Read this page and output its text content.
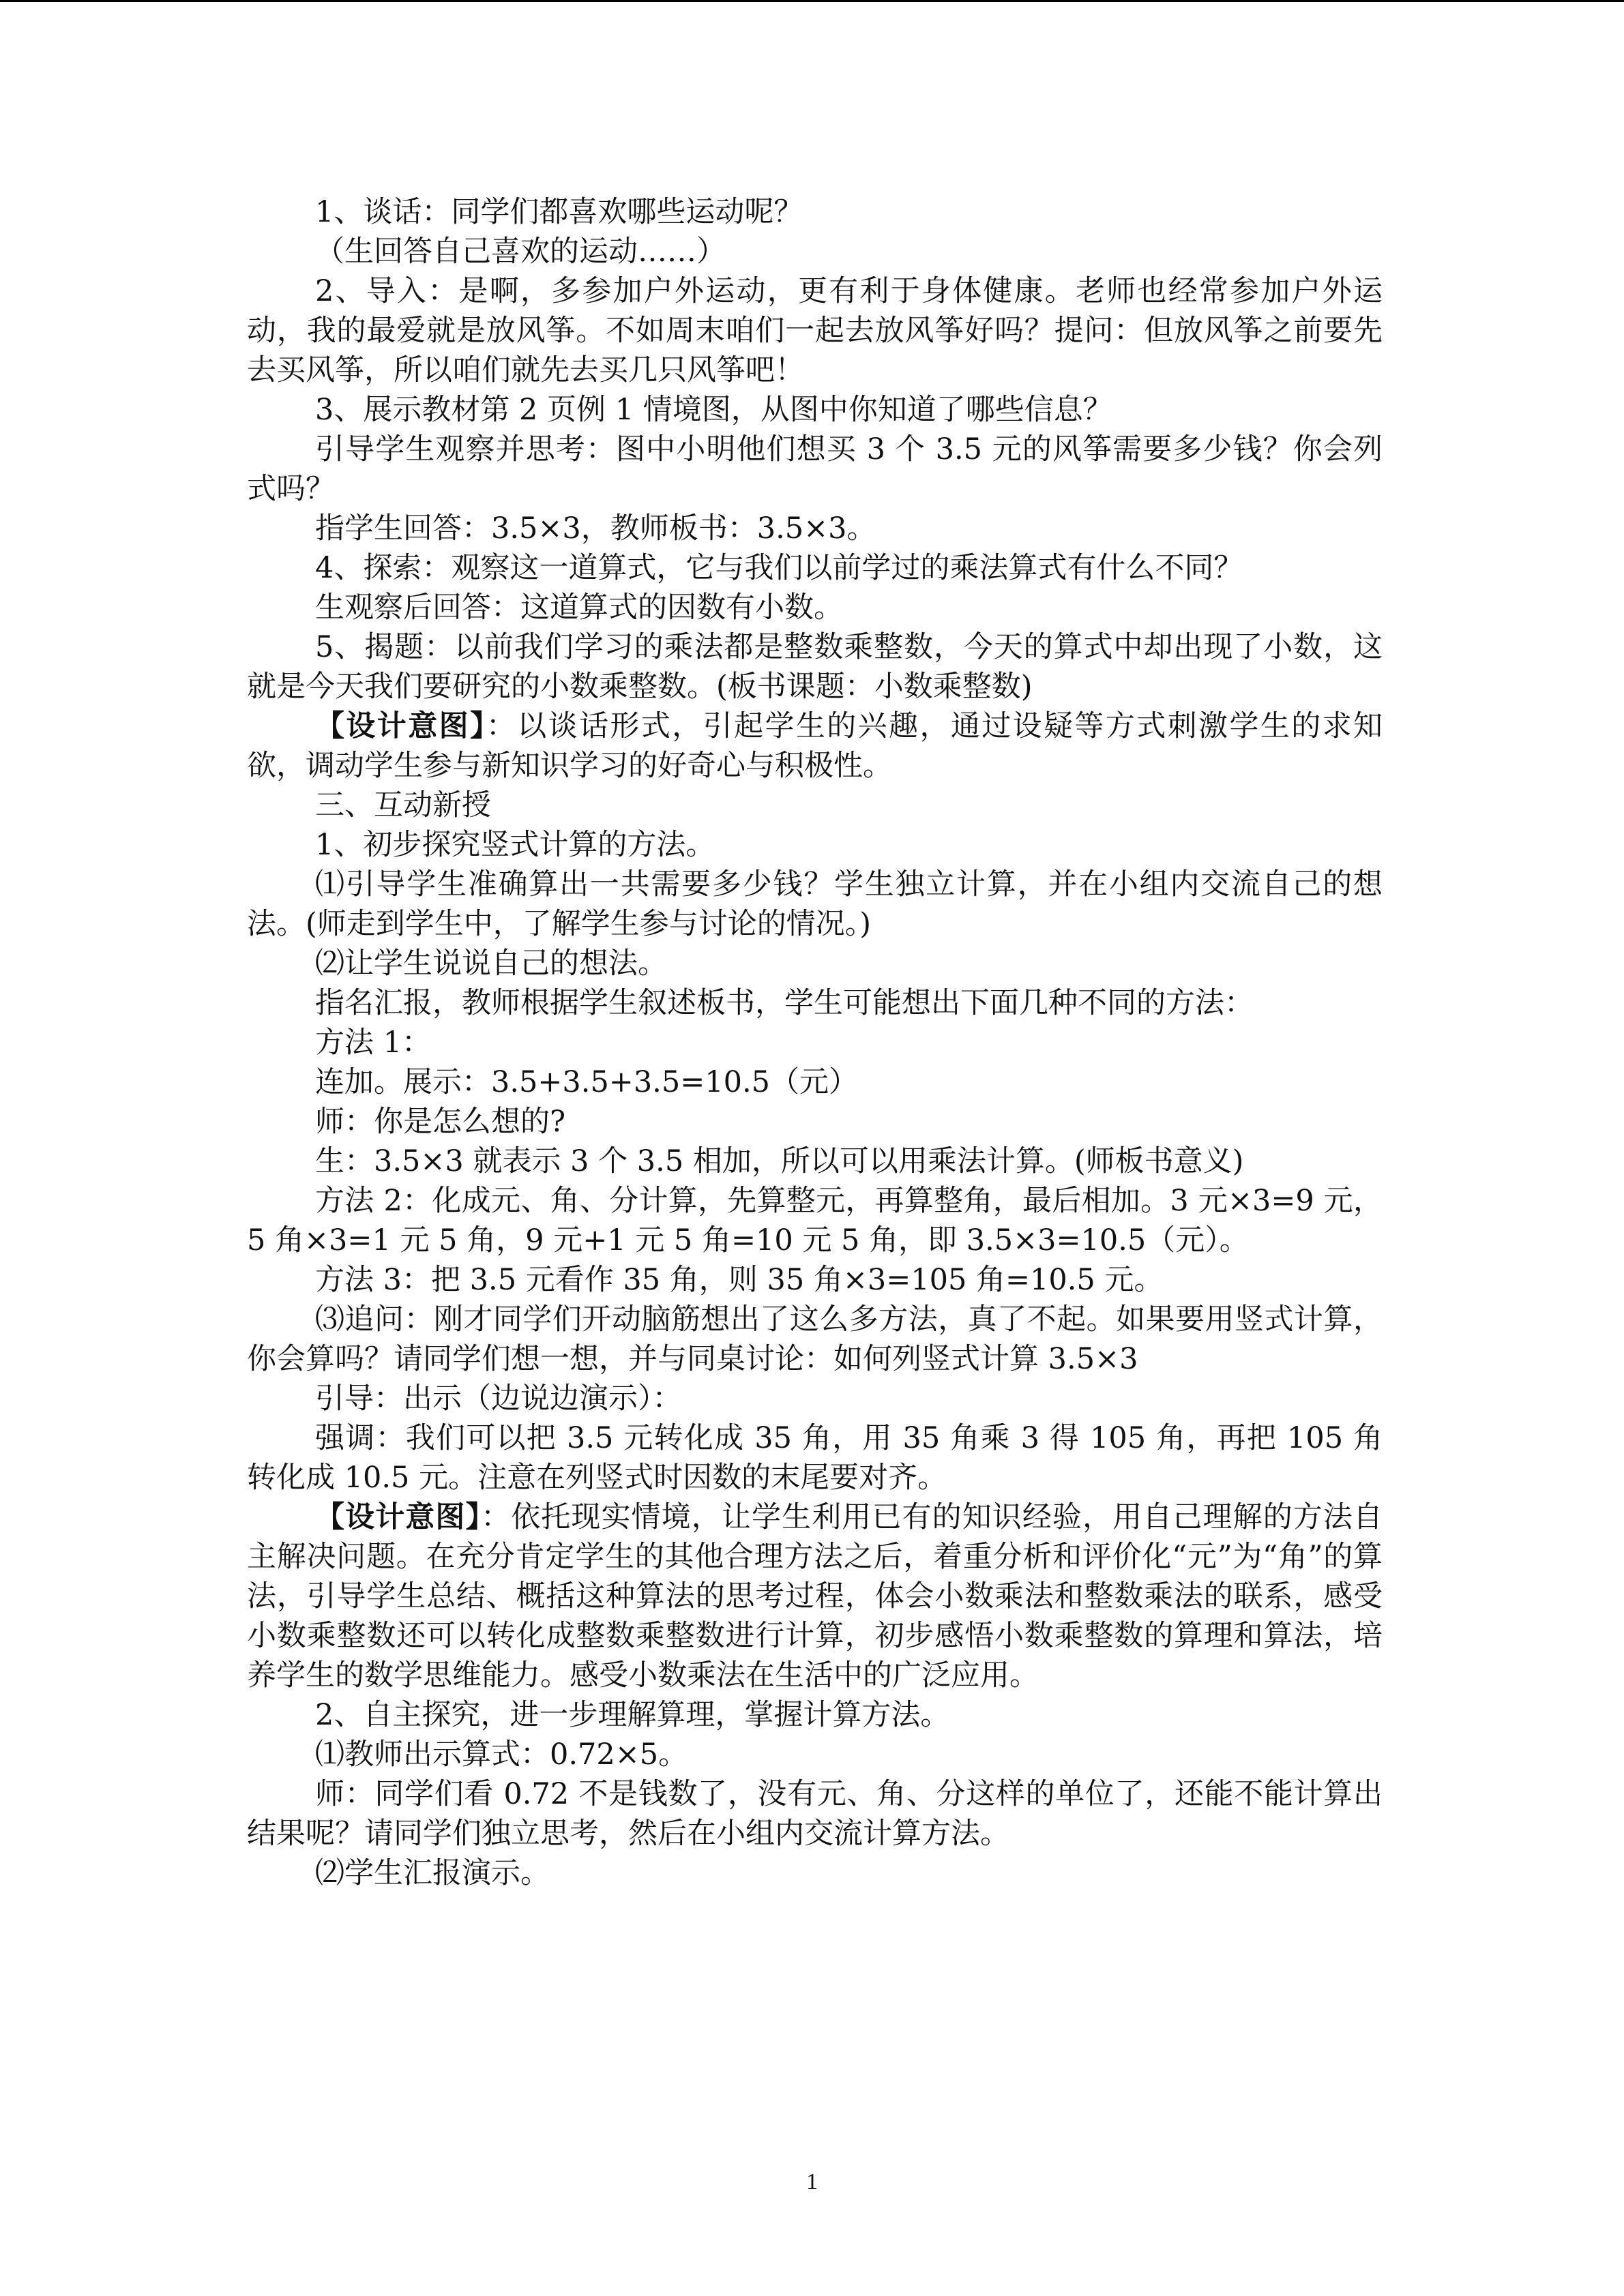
1、谈话：同学们都喜欢哪些运动呢？

（生回答自己喜欢的运动……）

2、导入：是啊，多参加户外运动，更有利于身体健康。老师也经常参加户外运动，我的最爱就是放风筝。不如周末咱们一起去放风筝好吗？提问：但放风筝之前要先去买风筝，所以咱们就先去买几只风筝吧！

3、展示教材第 2 页例 1 情境图，从图中你知道了哪些信息？

引导学生观察并思考：图中小明他们想买 3 个 3.5 元的风筝需要多少钱？你会列式吗？

指学生回答：3.5×3，教师板书：3.5×3。

4、探索：观察这一道算式，它与我们以前学过的乘法算式有什么不同？

生观察后回答：这道算式的因数有小数。

5、揭题：以前我们学习的乘法都是整数乘整数，今天的算式中却出现了小数，这就是今天我们要研究的小数乘整数。(板书课题：小数乘整数)

【设计意图】：以谈话形式，引起学生的兴趣，通过设疑等方式刺激学生的求知欲，调动学生参与新知识学习的好奇心与积极性。

三、互动新授

1、初步探究竖式计算的方法。

⑴引导学生准确算出一共需要多少钱？学生独立计算，并在小组内交流自己的想法。(师走到学生中，了解学生参与讨论的情况。)

⑵让学生说说自己的想法。

指名汇报，教师根据学生叙述板书，学生可能想出下面几种不同的方法：

方法 1：

连加。展示：3.5+3.5+3.5=10.5（元）

师：你是怎么想的?

生：3.5×3 就表示 3 个 3.5 相加，所以可以用乘法计算。(师板书意义)

方法 2：化成元、角、分计算，先算整元，再算整角，最后相加。3 元×3=9 元，5 角×3=1 元 5 角，9 元+1 元 5 角=10 元 5 角，即 3.5×3=10.5（元）。

方法 3：把 3.5 元看作 35 角，则 35 角×3=105 角=10.5 元。

⑶追问：刚才同学们开动脑筋想出了这么多方法，真了不起。如果要用竖式计算，你会算吗？请同学们想一想，并与同桌讨论：如何列竖式计算 3.5×3

引导：出示（边说边演示）：

强调：我们可以把 3.5 元转化成 35 角，用 35 角乘 3 得 105 角，再把 105 角转化成 10.5 元。注意在列竖式时因数的末尾要对齐。

【设计意图】：依托现实情境，让学生利用已有的知识经验，用自己理解的方法自主解决问题。在充分肯定学生的其他合理方法之后，着重分析和评价化“元”为“角”的算法，引导学生总结、概括这种算法的思考过程，体会小数乘法和整数乘法的联系，感受小数乘整数还可以转化成整数乘整数进行计算，初步感悟小数乘整数的算理和算法，培养学生的数学思维能力。感受小数乘法在生活中的广泛应用。

2、自主探究，进一步理解算理，掌握计算方法。

⑴教师出示算式：0.72×5。

师：同学们看 0.72 不是钱数了，没有元、角、分这样的单位了，还能不能计算出结果呢？请同学们独立思考，然后在小组内交流计算方法。

⑵学生汇报演示。

1
